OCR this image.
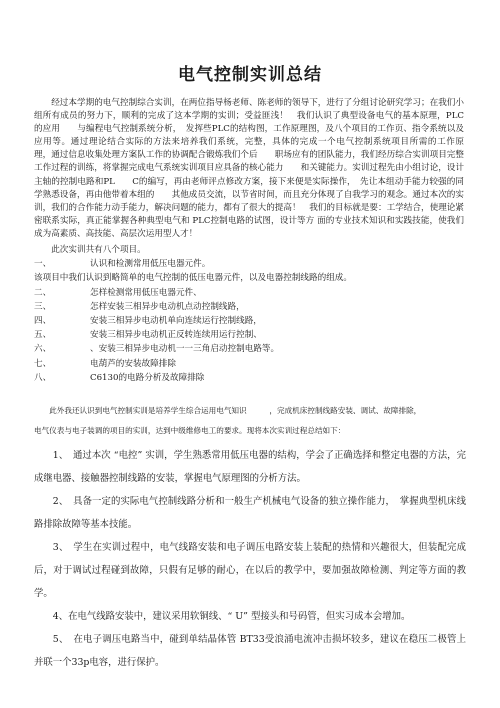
电气控制实训总结

经过本学期的电气控制综合实训，在两位指导杨老师、陈老师的领导下，进行了分组讨论研究学习；在我们小组所有成员的努力下，顺利的完成了这本学期的实训；受益匪浅！　我们认识了典型设备电气的基本原理，PLC的应用　　与编程电气控制系统分析，　发挥些PLC的结构图，工作原理图，及八个项目的工作页、指令系统以及应用等。通过理论结合实际的方法来培养我们系统，完整，具体的完成一个电气控制系统项目所需的工作原　　理，通过信息收集处理方案队工作的协调配合锻炼我们个后　　职场应有的团队能力，我们经历综合实训项目完整工作过程的训练，将掌握完成电气系统实训项目应具备的核心能力　　和关键能力。实训过程先由小组讨论，设计主轴的控制电路和PL　　C的编写，再由老师评点修改方案，接下来便是实际操作，　先让本组动手能力较强的同学熟悉设备，再由他带着本组的　　其他成员交流，以节省时间，而且充分体现了自我学习的观念。通过本次的实训，我们的合作能力动手能力，解决问题的能力，都有了很大的提高！　我们的目标就是要：工学结合，使理论紧密联系实际，真正能掌握各种典型电气和 PLC控制电路的试图，设计等方 面的专业技术知识和实践技能，使我们成为高素质、高技能、高层次运用型人才！

此次实训共有八个项目。

一、	认识和检测常用低压电器元件。
该项目中我们认识到略简单的电气控制的低压电器元件，以及电器控制线路的组成。
二、	怎样检测常用低压电器元件、
三、	怎样安装三相异步电动机点动控制线路，
四、	安装三相异步电动机单向连续运行控制线路，
五、	安装三相异步电动机正反转连续用运行控制、
六、	、安装三相异步电动机一一三角启动控制电路等。
七、	电葫芦的安装故障排除
八、	C6130的电路分析及故障排除

此外我还认识到电气控制实训是培养学生综合运用电气知识　　　，完成机床控制线路安装、调试、故障排除，

电气仪表与电子装调的项目的实训，达到中级维修电工的要求。现将本次实训过程总结如下：

1、　通过本次 “电控” 实训，学生熟悉常用低压电器的结构，学会了正确选择和整定电器的方法，完成继电器、接触器控制线路的安装，掌握电气原理图的分析方法。

2、　具备一定的实际电气控制线路分析和一般生产机械电气设备的独立操作能力，　掌握典型机床线路排除故障等基本技能。

3、　学生在实训过程中，电气线路安装和电子调压电路安装上装配的热情和兴趣很大，但装配完成后，对于调试过程碰到故障，只假有足够的耐心，在以后的教学中，要加强故障检测、判定等方面的教学。

4、在电气线路安装中，建议采用软铜线、“ U” 型接头和号码管，但实习成本会增加。

5、　在电子调压电路当中，碰到单结晶体管 BT33受浪涌电流冲击损坏较多，建议在稳压二极管上并联一个33p电容，进行保护。
